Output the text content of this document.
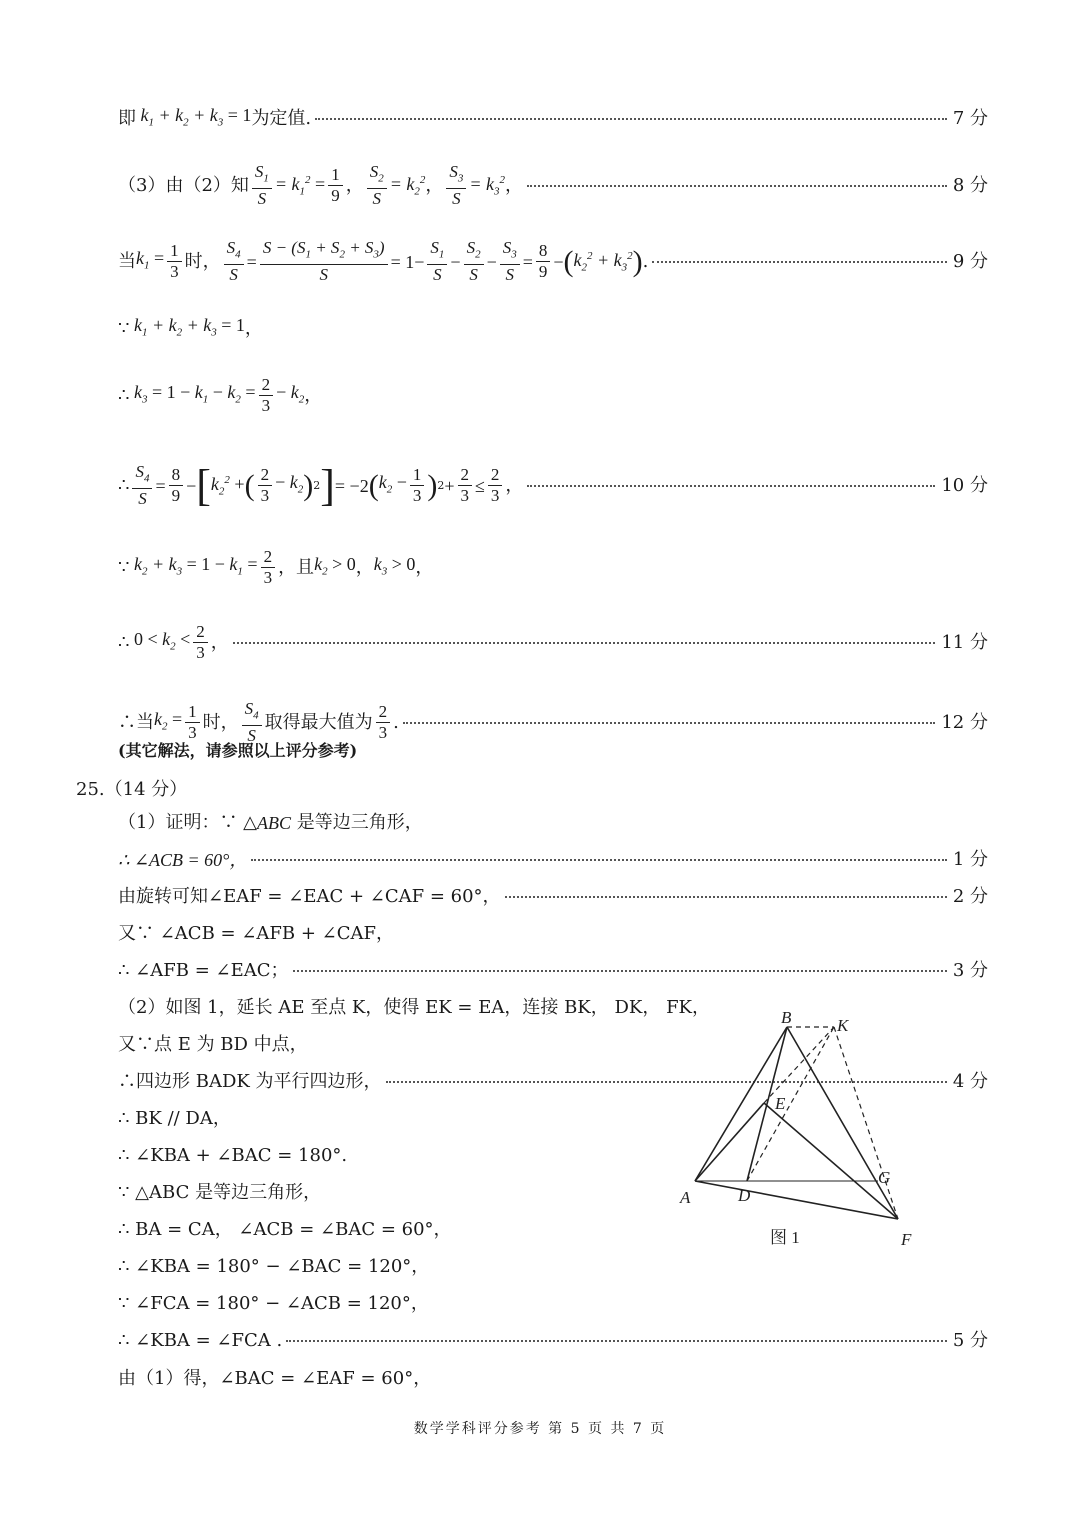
即 $k_1 + k_2 + k_3 = 1$ 为定值.	7 分
（3）由（2）知 $\frac{S_1}{S} = k_1^2 = \frac{1}{9}$ ， $\frac{S_2}{S} = k_2^2$ ， $\frac{S_3}{S} = k_3^2$ ，	8 分
当 $k_1 = \frac{1}{3}$ 时， $\frac{S_4}{S} = \frac{S - (S_1 + S_2 + S_3)}{S} = 1- \frac{S_1}{S} - \frac{S_2}{S} - \frac{S_3}{S} = \frac{8}{9}$ − ( $k_2^2 + k_3^2$ ) .	9 分
∵ $k_1 + k_2 + k_3 = 1$ ，
∴ $k_3 = 1 - k_1 - k_2 = \frac{2}{3} - k_2$ ，
∴ $\frac{S_4}{S} = \frac{8}{9}$ − [ $k_2^2$ + ( $\frac{2}{3} - k_2$ ) 2 ] = −2 ( $k_2 - \frac{1}{3}$ ) $2 + \frac{2}{3} \le \frac{2}{3}$ ，	10 分
∵ $k_2 + k_3 = 1 - k_1 = \frac{2}{3}$ ，且 $k_2 > 0$ ， $k_3 > 0$ ，
∴ $0 < k_2 < \frac{2}{3}$ ，	11 分
∴当 $k_2 = \frac{1}{3}$ 时， $\frac{S_4}{S}$ 取得最大值为 $\frac{2}{3}$ .	12 分
(其它解法，请参照以上评分参考)
25.（14 分）
（1）证明：∵ △ ABC
是等边三角形，
∴ ∠ACB = 60°，	1 分
由旋转可知∠EAF = ∠EAC + ∠CAF = 60°，	2 分
又∵ ∠ACB = ∠AFB + ∠CAF，
∴ ∠AFB = ∠EAC；	3 分
（2）如图 1，延长 AE 至点 K，使得 EK = EA，连接 BK， DK， FK，
又∵点 E 为 BD 中点，
∴四边形 BADK 为平行四边形，	4 分
∴ BK // DA，
∴ ∠KBA + ∠BAC = 180°.
∵ △ABC 是等边三角形，
∴ BA = CA， ∠ACB = ∠BAC = 60°，
∴ ∠KBA = 180° − ∠BAC = 120°，
∵ ∠FCA = 180° − ∠ACB = 120°，
∴ ∠KBA = ∠FCA .	5 分
由（1）得，∠BAC = ∠EAF = 60°，
A
B	K
E
D
G
F
图 1
数学学科评分参考 第 5 页 共 7 页
